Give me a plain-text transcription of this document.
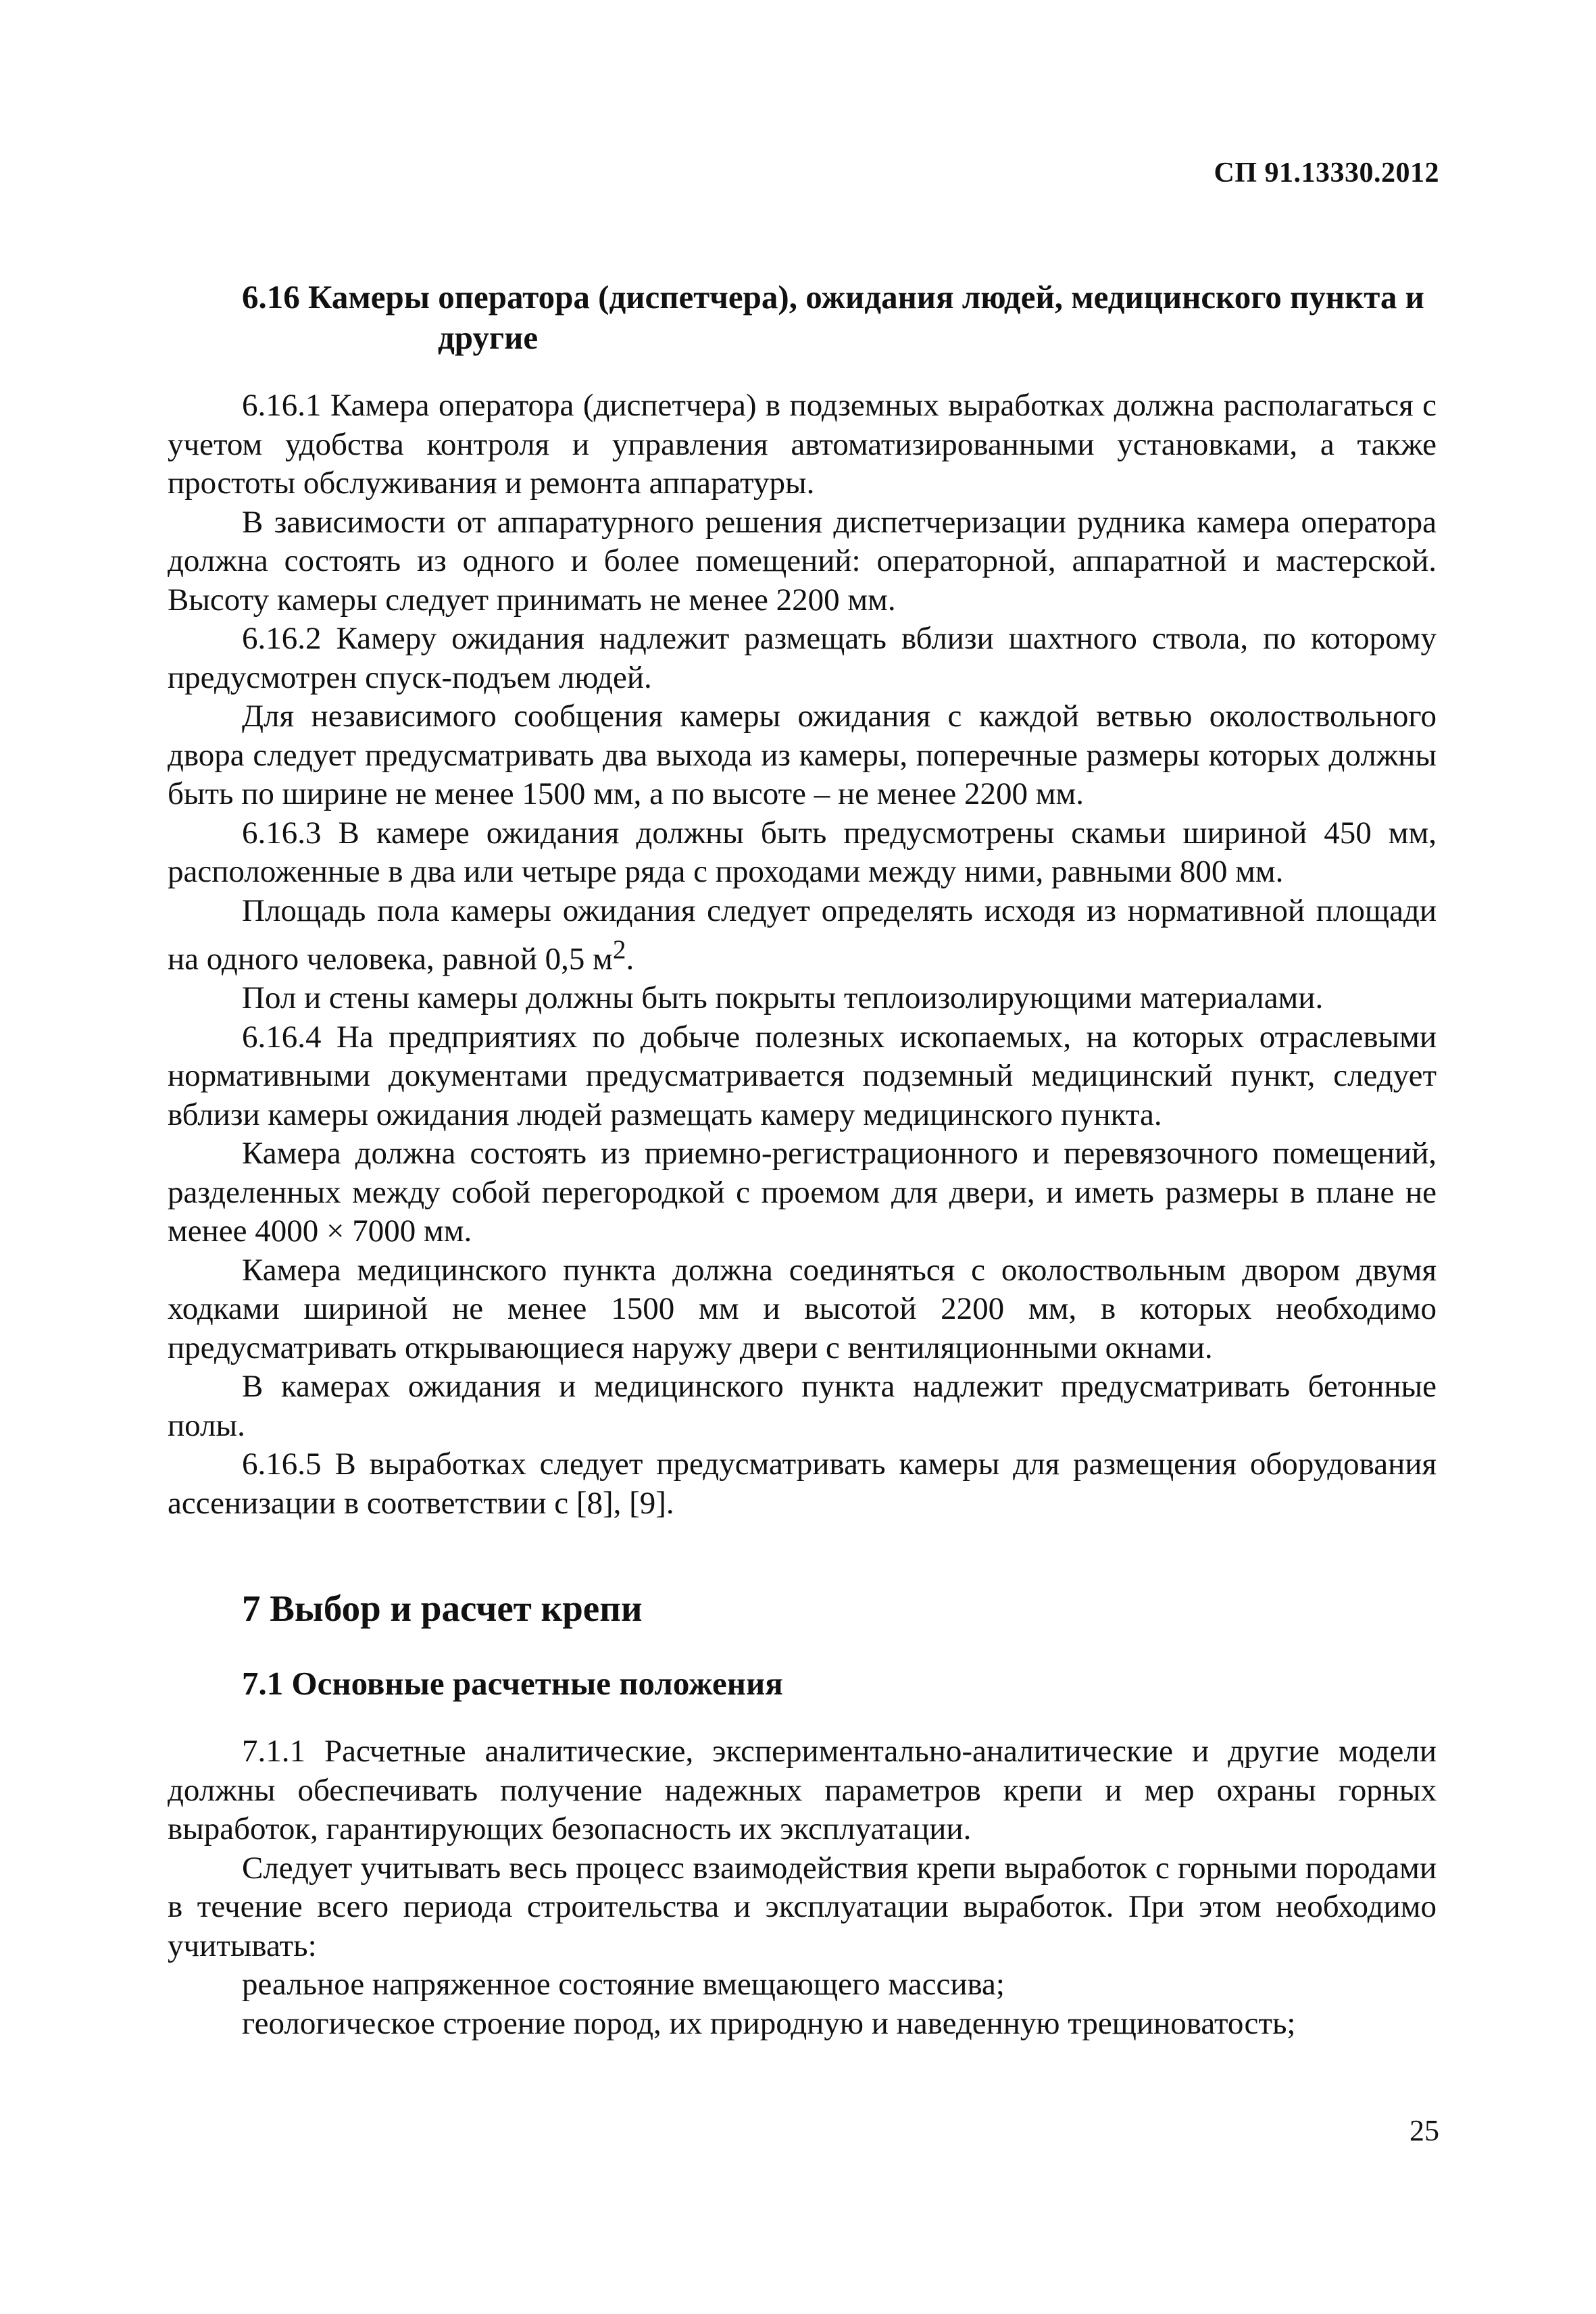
СП 91.13330.2012
6.16 Камеры оператора (диспетчера), ожидания людей, медицинского пункта и другие

6.16.1 Камера оператора (диспетчера) в подземных выработках должна располагаться с учетом удобства контроля и управления автоматизированными установками, а также простоты обслуживания и ремонта аппаратуры.

В зависимости от аппаратурного решения диспетчеризации рудника камера оператора должна состоять из одного и более помещений: операторной, аппаратной и мастерской. Высоту камеры следует принимать не менее 2200 мм.

6.16.2 Камеру ожидания надлежит размещать вблизи шахтного ствола, по которому предусмотрен спуск-подъем людей.

Для независимого сообщения камеры ожидания с каждой ветвью околоствольного двора следует предусматривать два выхода из камеры, поперечные размеры которых должны быть по ширине не менее 1500 мм, а по высоте – не менее 2200 мм.

6.16.3 В камере ожидания должны быть предусмотрены скамьи шириной 450 мм, расположенные в два или четыре ряда с проходами между ними, равными 800 мм.

Площадь пола камеры ожидания следует определять исходя из нормативной площади на одного человека, равной 0,5 $м^2$.

Пол и стены камеры должны быть покрыты теплоизолирующими материалами.

6.16.4 На предприятиях по добыче полезных ископаемых, на которых отраслевыми нормативными документами предусматривается подземный медицинский пункт, следует вблизи камеры ожидания людей размещать камеру медицинского пункта.

Камера должна состоять из приемно-регистрационного и перевязочного помещений, разделенных между собой перегородкой с проемом для двери, и иметь размеры в плане не менее 4000 × 7000 мм.

Камера медицинского пункта должна соединяться с околоствольным двором двумя ходками шириной не менее 1500 мм и высотой 2200 мм, в которых необходимо предусматривать открывающиеся наружу двери с вентиляционными окнами.

В камерах ожидания и медицинского пункта надлежит предусматривать бетонные полы.

6.16.5 В выработках следует предусматривать камеры для размещения оборудования ассенизации в соответствии с [8], [9].

7 Выбор и расчет крепи
7.1 Основные расчетные положения

7.1.1 Расчетные аналитические, экспериментально-аналитические и другие модели должны обеспечивать получение надежных параметров крепи и мер охраны горных выработок, гарантирующих безопасность их эксплуатации.

Следует учитывать весь процесс взаимодействия крепи выработок с горными породами в течение всего периода строительства и эксплуатации выработок. При этом необходимо учитывать:

реальное напряженное состояние вмещающего массива;

геологическое строение пород, их природную и наведенную трещиноватость;

25
